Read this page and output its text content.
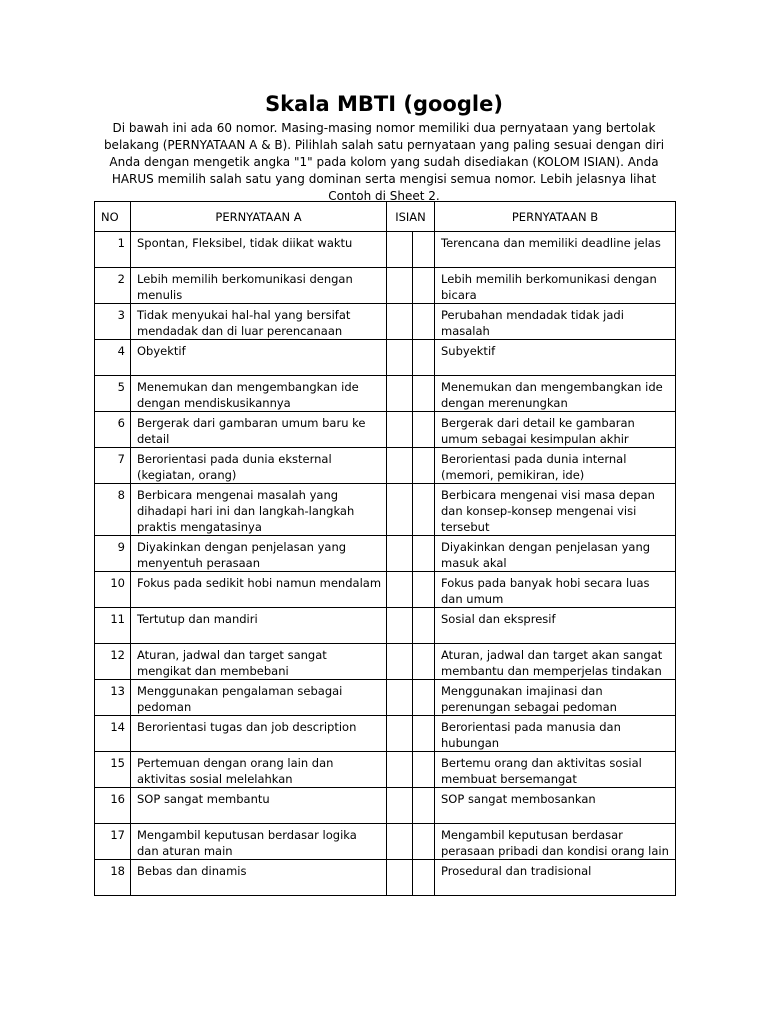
Skala MBTI (google)

Di bawah ini ada 60 nomor. Masing-masing nomor memiliki dua pernyataan yang bertolak belakang (PERNYATAAN A & B). Pilihlah salah satu pernyataan yang paling sesuai dengan diri Anda dengan mengetik angka "1" pada kolom yang sudah disediakan (KOLOM ISIAN). Anda HARUS memilih salah satu yang dominan serta mengisi semua nomor. Lebih jelasnya lihat Contoh di Sheet 2.

NO	PERNYATAAN A	ISIAN		PERNYATAAN B
1	Spontan, Fleksibel, tidak diikat waktu			Terencana dan memiliki deadline jelas
2	Lebih memilih berkomunikasi dengan menulis			Lebih memilih berkomunikasi dengan bicara
3	Tidak menyukai hal-hal yang bersifat mendadak dan di luar perencanaan			Perubahan mendadak tidak jadi masalah
4	Obyektif			Subyektif
5	Menemukan dan mengembangkan ide dengan mendiskusikannya			Menemukan dan mengembangkan ide dengan merenungkan
6	Bergerak dari gambaran umum baru ke detail			Bergerak dari detail ke gambaran umum sebagai kesimpulan akhir
7	Berorientasi pada dunia eksternal (kegiatan, orang)			Berorientasi pada dunia internal (memori, pemikiran, ide)
8	Berbicara mengenai masalah yang dihadapi hari ini dan langkah-langkah praktis mengatasinya			Berbicara mengenai visi masa depan dan konsep-konsep mengenai visi tersebut
9	Diyakinkan dengan penjelasan yang menyentuh perasaan			Diyakinkan dengan penjelasan yang masuk akal
10	Fokus pada sedikit hobi namun mendalam			Fokus pada banyak hobi secara luas dan umum
11	Tertutup dan mandiri			Sosial dan ekspresif
12	Aturan, jadwal dan target sangat mengikat dan membebani			Aturan, jadwal dan target akan sangat membantu dan memperjelas tindakan
13	Menggunakan pengalaman sebagai pedoman			Menggunakan imajinasi dan perenungan sebagai pedoman
14	Berorientasi tugas dan job description			Berorientasi pada manusia dan hubungan
15	Pertemuan dengan orang lain dan aktivitas sosial melelahkan			Bertemu orang dan aktivitas sosial membuat bersemangat
16	SOP sangat membantu			SOP sangat membosankan
17	Mengambil keputusan berdasar logika dan aturan main			Mengambil keputusan berdasar perasaan pribadi dan kondisi orang lain
18	Bebas dan dinamis			Prosedural dan tradisional
